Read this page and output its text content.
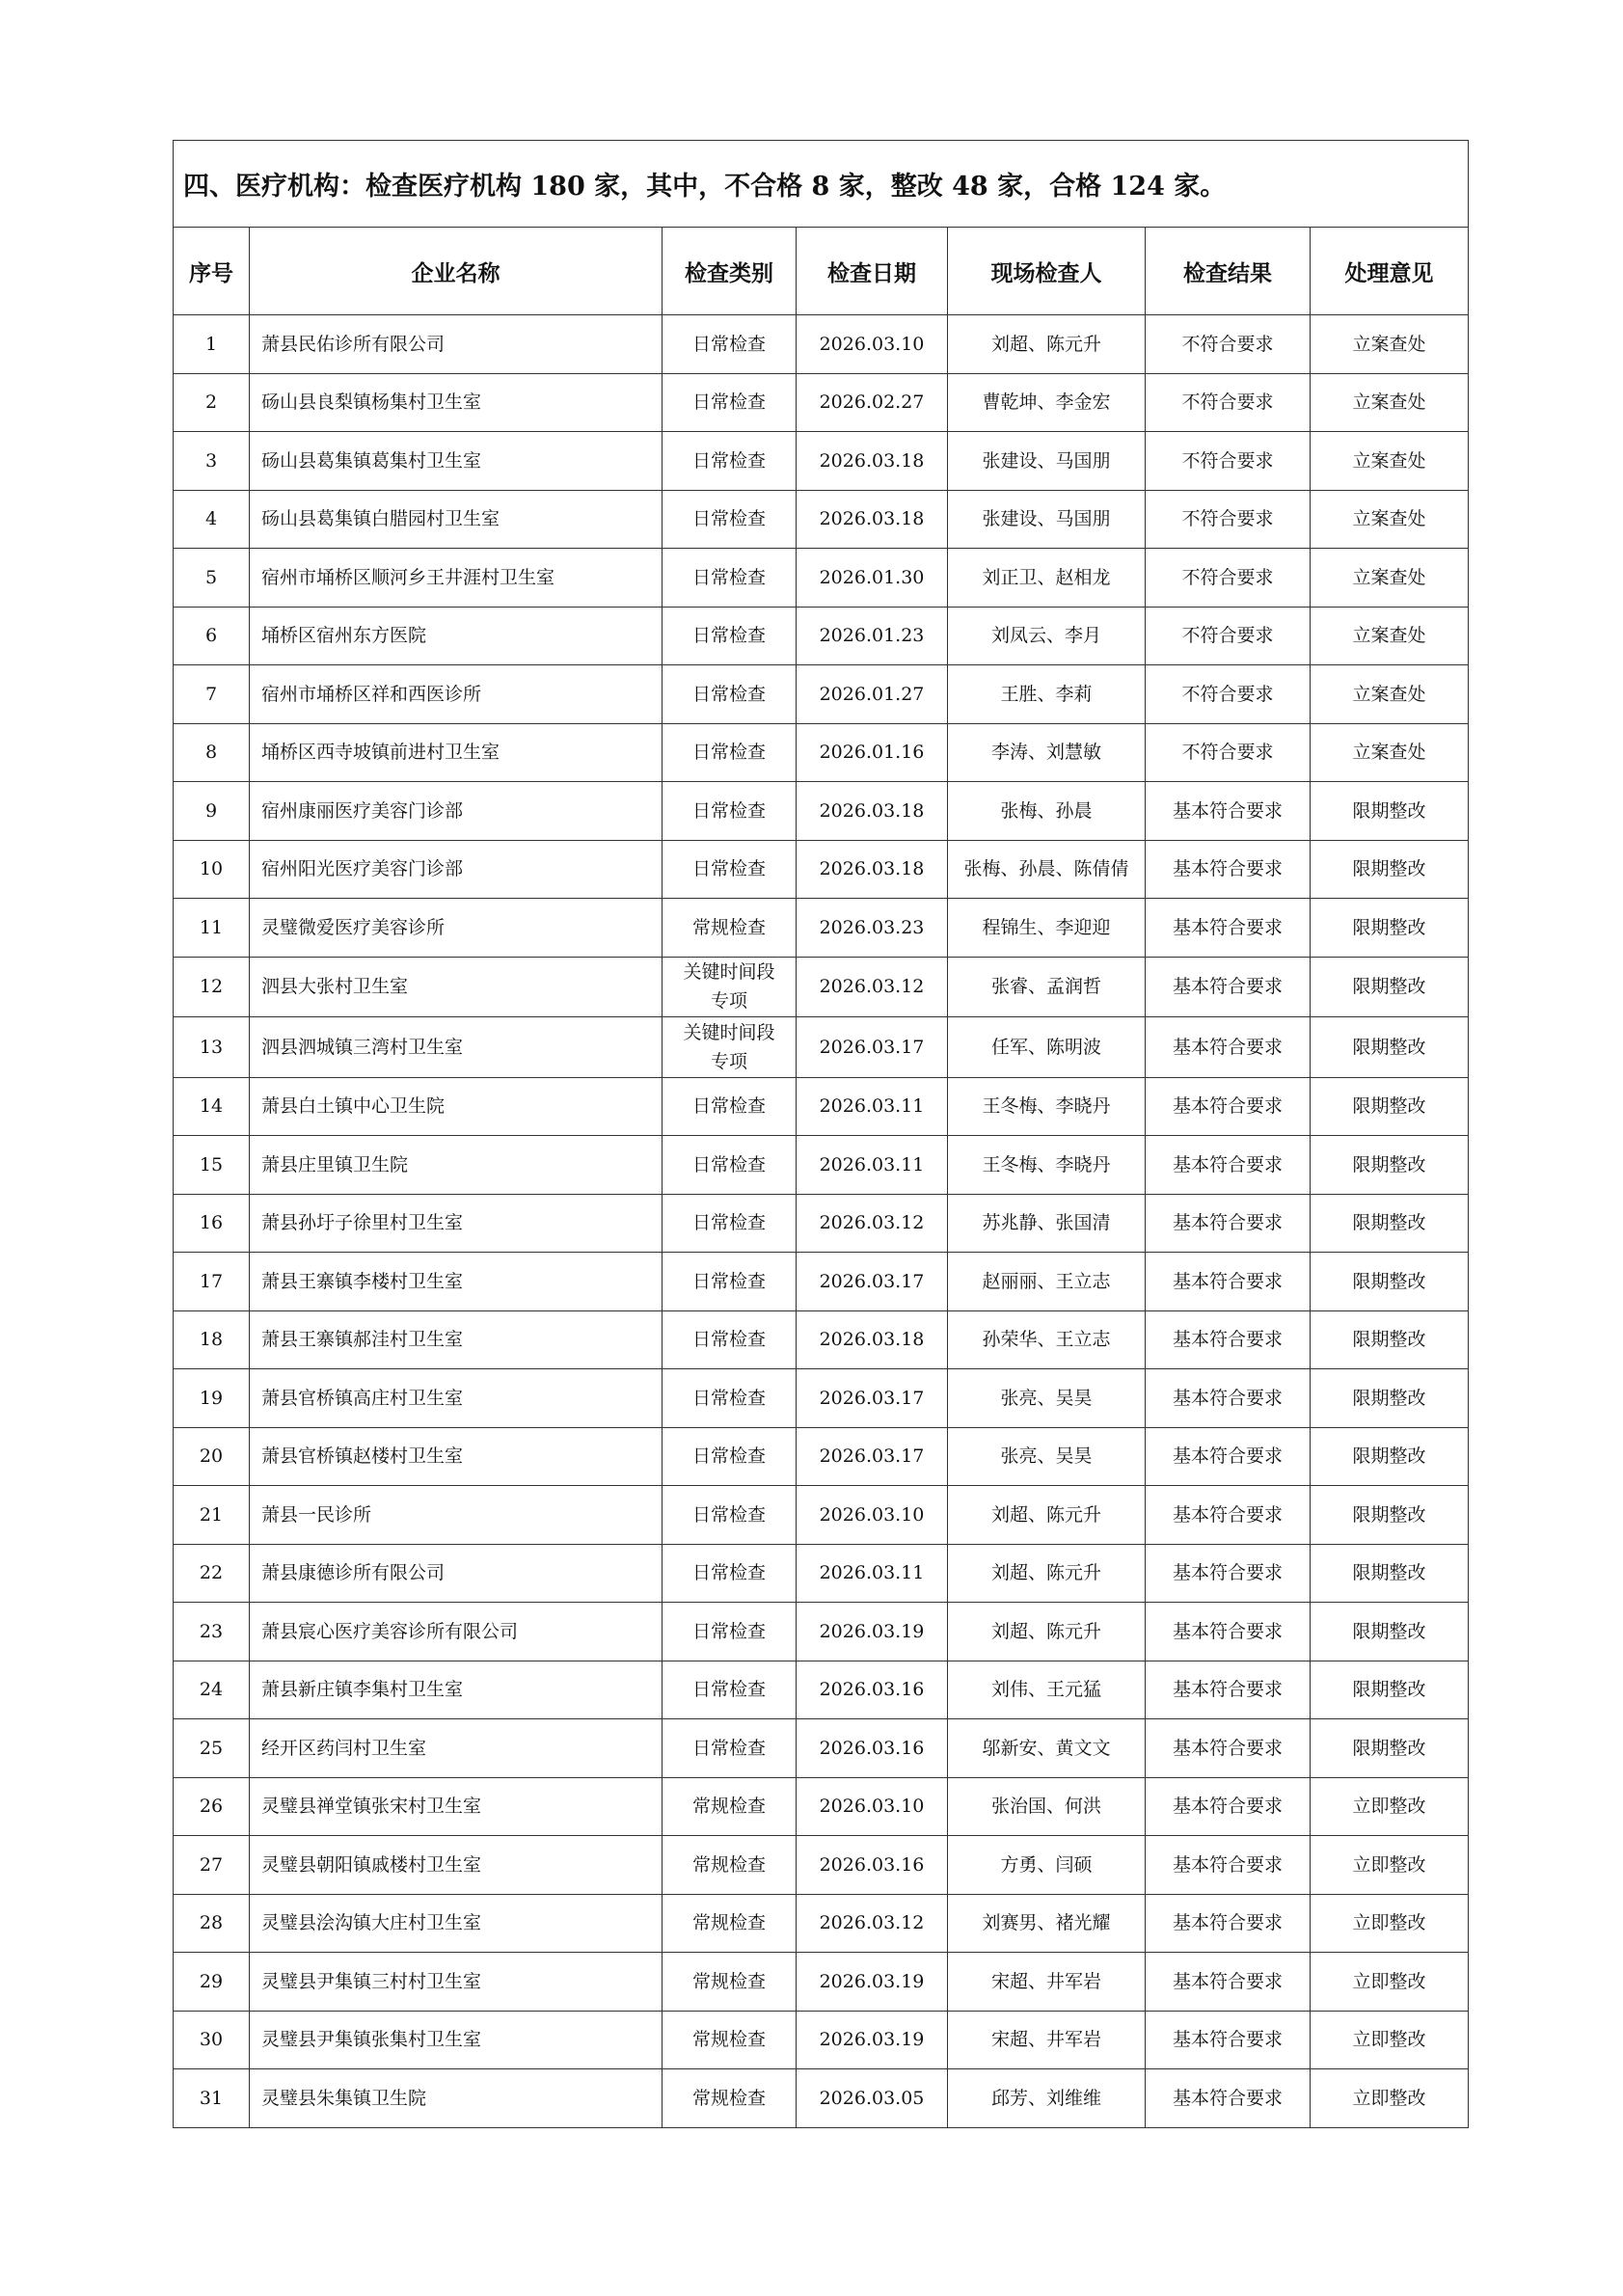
四、医疗机构：检查医疗机构 180 家，其中，不合格 8 家，整改 48 家，合格 124 家。						
序号	企业名称	检查类别	检查日期	现场检查人	检查结果	处理意见
1	萧县民佑诊所有限公司	日常检查	2026.03.10	刘超、陈元升	不符合要求	立案查处
2	砀山县良梨镇杨集村卫生室	日常检查	2026.02.27	曹乾坤、李金宏	不符合要求	立案查处
3	砀山县葛集镇葛集村卫生室	日常检查	2026.03.18	张建设、马国朋	不符合要求	立案查处
4	砀山县葛集镇白腊园村卫生室	日常检查	2026.03.18	张建设、马国朋	不符合要求	立案查处
5	宿州市埇桥区顺河乡王井涯村卫生室	日常检查	2026.01.30	刘正卫、赵相龙	不符合要求	立案查处
6	埇桥区宿州东方医院	日常检查	2026.01.23	刘凤云、李月	不符合要求	立案查处
7	宿州市埇桥区祥和西医诊所	日常检查	2026.01.27	王胜、李莉	不符合要求	立案查处
8	埇桥区西寺坡镇前进村卫生室	日常检查	2026.01.16	李涛、刘慧敏	不符合要求	立案查处
9	宿州康丽医疗美容门诊部	日常检查	2026.03.18	张梅、孙晨	基本符合要求	限期整改
10	宿州阳光医疗美容门诊部	日常检查	2026.03.18	张梅、孙晨、陈倩倩	基本符合要求	限期整改
11	灵璧微爱医疗美容诊所	常规检查	2026.03.23	程锦生、李迎迎	基本符合要求	限期整改
12	泗县大张村卫生室	关键时间段
专项	2026.03.12	张睿、孟润哲	基本符合要求	限期整改
13	泗县泗城镇三湾村卫生室	关键时间段
专项	2026.03.17	任军、陈明波	基本符合要求	限期整改
14	萧县白土镇中心卫生院	日常检查	2026.03.11	王冬梅、李晓丹	基本符合要求	限期整改
15	萧县庄里镇卫生院	日常检查	2026.03.11	王冬梅、李晓丹	基本符合要求	限期整改
16	萧县孙圩子徐里村卫生室	日常检查	2026.03.12	苏兆静、张国清	基本符合要求	限期整改
17	萧县王寨镇李楼村卫生室	日常检查	2026.03.17	赵丽丽、王立志	基本符合要求	限期整改
18	萧县王寨镇郝洼村卫生室	日常检查	2026.03.18	孙荣华、王立志	基本符合要求	限期整改
19	萧县官桥镇高庄村卫生室	日常检查	2026.03.17	张亮、吴昊	基本符合要求	限期整改
20	萧县官桥镇赵楼村卫生室	日常检查	2026.03.17	张亮、吴昊	基本符合要求	限期整改
21	萧县一民诊所	日常检查	2026.03.10	刘超、陈元升	基本符合要求	限期整改
22	萧县康德诊所有限公司	日常检查	2026.03.11	刘超、陈元升	基本符合要求	限期整改
23	萧县宸心医疗美容诊所有限公司	日常检查	2026.03.19	刘超、陈元升	基本符合要求	限期整改
24	萧县新庄镇李集村卫生室	日常检查	2026.03.16	刘伟、王元猛	基本符合要求	限期整改
25	经开区药闫村卫生室	日常检查	2026.03.16	邬新安、黄文文	基本符合要求	限期整改
26	灵璧县禅堂镇张宋村卫生室	常规检查	2026.03.10	张治国、何洪	基本符合要求	立即整改
27	灵璧县朝阳镇戚楼村卫生室	常规检查	2026.03.16	方勇、闫硕	基本符合要求	立即整改
28	灵璧县浍沟镇大庄村卫生室	常规检查	2026.03.12	刘赛男、褚光耀	基本符合要求	立即整改
29	灵璧县尹集镇三村村卫生室	常规检查	2026.03.19	宋超、井军岩	基本符合要求	立即整改
30	灵璧县尹集镇张集村卫生室	常规检查	2026.03.19	宋超、井军岩	基本符合要求	立即整改
31	灵璧县朱集镇卫生院	常规检查	2026.03.05	邱芳、刘维维	基本符合要求	立即整改
